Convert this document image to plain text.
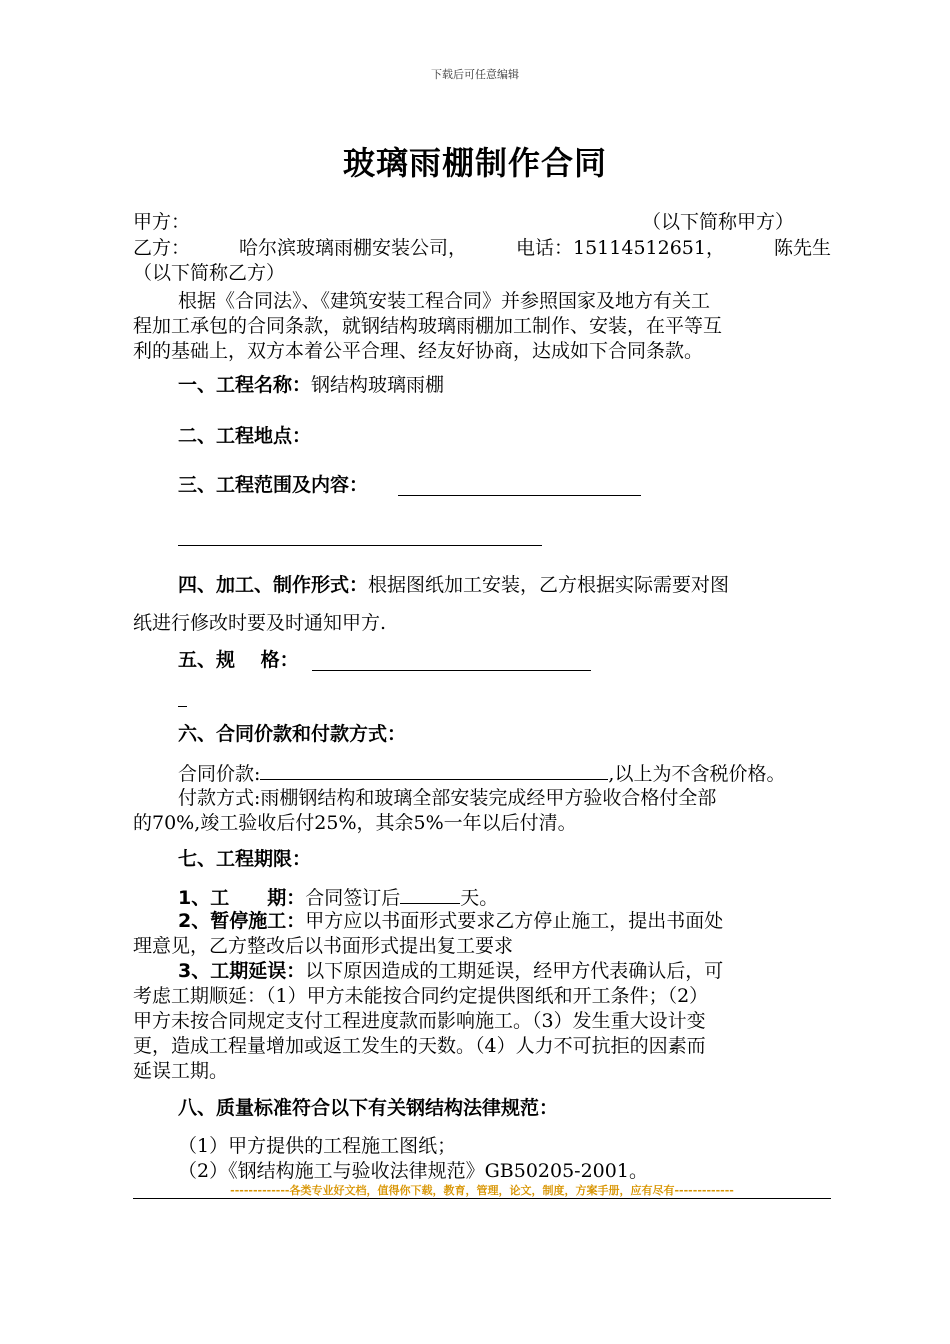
下载后可任意编辑
玻璃雨棚制作合同
甲方：	（以下简称甲方）
乙方：	哈尔滨玻璃雨棚安装公司，	电话：15114512651，	陈先生
（以下简称乙方）
根据《合同法》、《建筑安装工程合同》并参照国家及地方有关工
程加工承包的合同条款，就钢结构玻璃雨棚加工制作、安装，在平等互
利的基础上，双方本着公平合理、经友好协商，达成如下合同条款。
一、工程名称：钢结构玻璃雨棚
二、工程地点：
三、工程范围及内容：
四、加工、制作形式：根据图纸加工安装，乙方根据实际需要对图
纸进行修改时要及时通知甲方.
五、规　 格：
六、合同价款和付款方式：
合同价款:	,以上为不含税价格。
付款方式:雨棚钢结构和玻璃全部安装完成经甲方验收合格付全部
的70%,竣工验收后付25%，其余5%一年以后付清。
七、工程期限：
1、工　　期：合同签订后	天。
2、暂停施工：甲方应以书面形式要求乙方停止施工，提出书面处
理意见，乙方整改后以书面形式提出复工要求
3、工期延误：以下原因造成的工期延误，经甲方代表确认后，可
考虑工期顺延：（1）甲方未能按合同约定提供图纸和开工条件；（2）
甲方未按合同规定支付工程进度款而影响施工。（3）发生重大设计变
更，造成工程量增加或返工发生的天数。（4）人力不可抗拒的因素而
延误工期。
八、质量标准符合以下有关钢结构法律规范：
（1）甲方提供的工程施工图纸；
（2）《钢结构施工与验收法律规范》GB50205-2001。
-------------各类专业好文档，值得你下载，教育，管理，论文，制度，方案手册，应有尽有-------------
